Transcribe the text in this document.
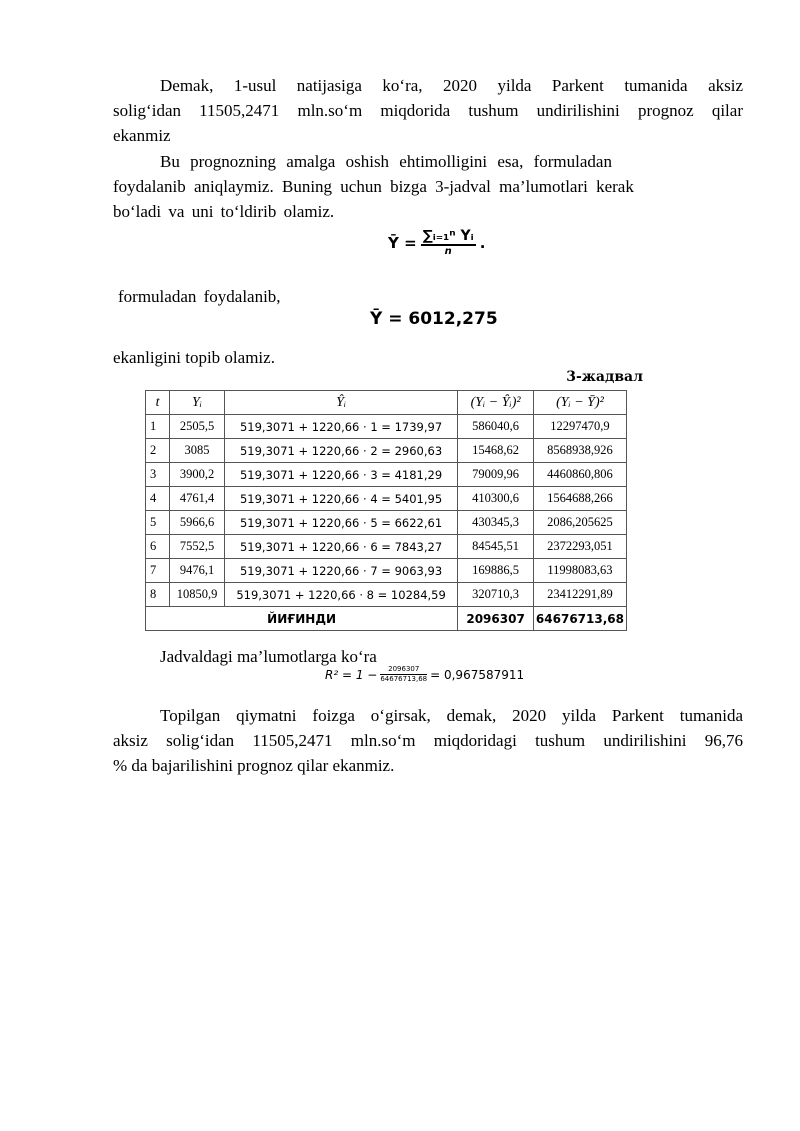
Demak, 1-usul natijasiga ko‘ra, 2020 yilda Parkent tumanida aksiz

solig‘idan 11505,2471 mln.so‘m miqdorida tushum undirilishini prognoz qilar

ekanmiz

Bu prognozning amalga oshish ehtimolligini esa, formuladan

foydalanib aniqlaymiz. Buning uchun bizga 3-jadval ma’lumotlari kerak

bo‘ladi va uni to‘ldirib olamiz.

Ȳ = $\frac{\text{∑ᵢ₌₁ⁿ Yᵢ}}{n}$ .

formuladan foydalanib,

Ȳ = 6012,275

ekanligini topib olamiz.

3-жадвал
t	Yᵢ	Ŷᵢ	(Yᵢ − Ŷᵢ)²	(Yᵢ − Ȳ)²
1	2505,5	519,3071 + 1220,66 · 1 = 1739,97	586040,6	12297470,9
2	3085	519,3071 + 1220,66 · 2 = 2960,63	15468,62	8568938,926
3	3900,2	519,3071 + 1220,66 · 3 = 4181,29	79009,96	4460860,806
4	4761,4	519,3071 + 1220,66 · 4 = 5401,95	410300,6	1564688,266
5	5966,6	519,3071 + 1220,66 · 5 = 6622,61	430345,3	2086,205625
6	7552,5	519,3071 + 1220,66 · 6 = 7843,27	84545,51	2372293,051
7	9476,1	519,3071 + 1220,66 · 7 = 9063,93	169886,5	11998083,63
8	10850,9	519,3071 + 1220,66 · 8 = 10284,59	320710,3	23412291,89
ЙИҒИНДИ			2096307	64676713,68

Jadvaldagi ma’lumotlarga ko‘ra

$R^2 = 1 - \frac{2096307}{64676713,68} = 0,967587911$

Topilgan qiymatni foizga o‘girsak, demak, 2020 yilda Parkent tumanida

aksiz solig‘idan 11505,2471 mln.so‘m miqdoridagi tushum undirilishini 96,76

% da bajarilishini prognoz qilar ekanmiz.
